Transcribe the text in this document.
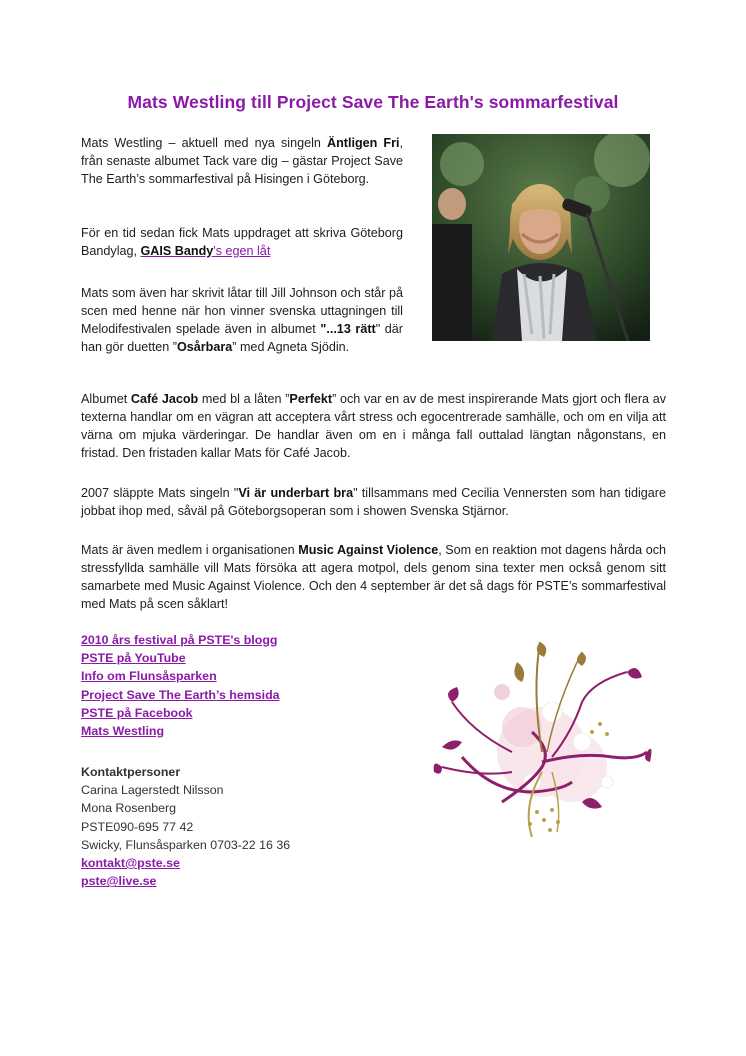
Mats Westling till Project Save The Earth's sommarfestival

Mats Westling – aktuell med nya singeln Äntligen Fri, från senaste albumet Tack vare dig – gästar Project Save The Earth’s sommarfestival på Hisingen i Göteborg.

För en tid sedan fick Mats uppdraget att skriva Göteborg Bandylag, GAIS Bandy's egen låt

Mats som även har skrivit låtar till Jill Johnson och står på scen med henne när hon vinner svenska uttagningen till Melodifestivalen spelade även in albumet "...13 rätt" där han gör duetten ”Osårbara” med Agneta Sjödin.

Albumet Café Jacob med bl a låten ”Perfekt” och var en av de mest inspirerande Mats gjort och flera av texterna handlar om en vägran att acceptera vårt stress och egocentrerade samhälle, och om en vilja att värna om mjuka värderingar. De handlar även om en i många fall outtalad längtan någonstans, en fristad. Den fristaden kallar Mats för Café Jacob.

2007 släppte Mats singeln "Vi är underbart bra" tillsammans med Cecilia Vennersten som han tidigare jobbat ihop med, såväl på Göteborgsoperan som i showen Svenska Stjärnor.

Mats är även medlem i organisationen Music Against Violence, Som en reaktion mot dagens hårda och stressfyllda samhälle vill Mats försöka att agera motpol, dels genom sina texter men också genom sitt samarbete med Music Against Violence. Och den 4 september är det så dags för PSTE’s sommarfestival med Mats på scen såklart!

2010 års festival på PSTE's blogg
PSTE på YouTube
Info om Flunsåsparken
Project Save The Earth’s hemsida
PSTE på Facebook
Mats Westling
Kontaktpersoner
Carina Lagerstedt Nilsson
Mona Rosenberg
PSTE090-695 77 42
Swicky, Flunsåsparken 0703-22 16 36
kontakt@pste.se
pste@live.se
